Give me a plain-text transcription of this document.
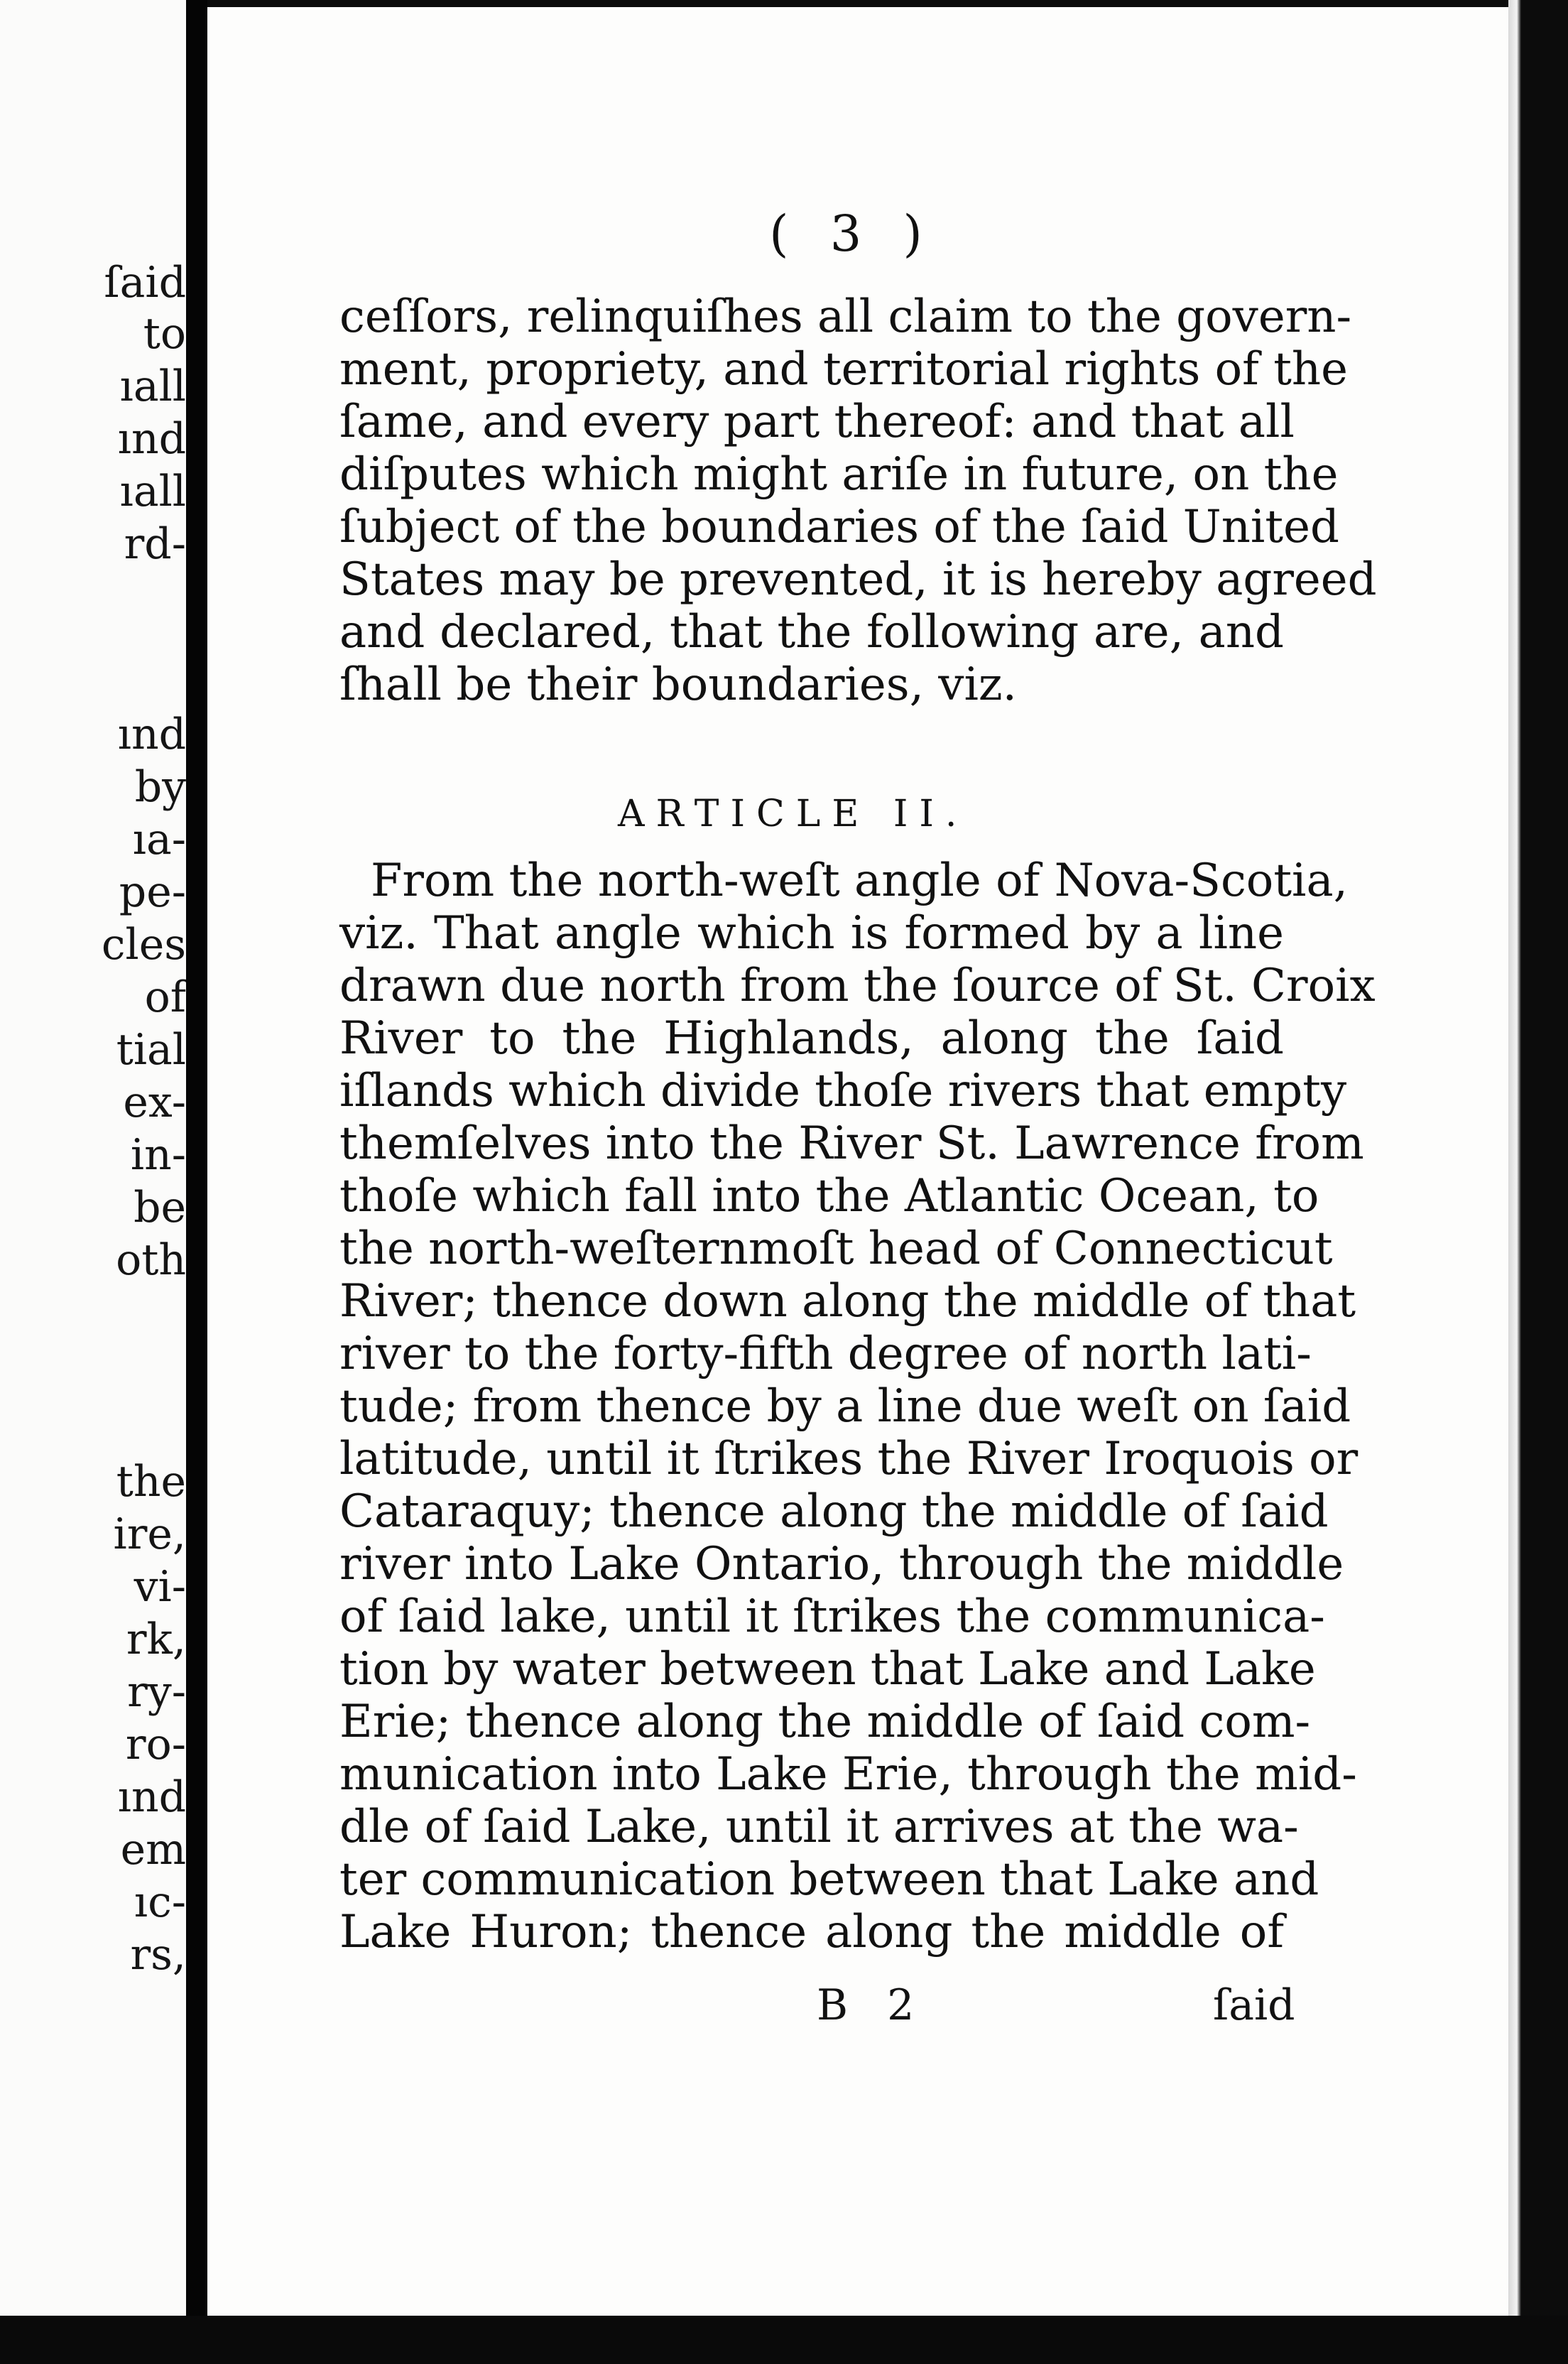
ſaid
to
ıall
ınd
ıall
rd-
ınd
by
ıa-
pe-
cles
of
tial
ex-
in-
be
oth
the
ire,
vi-
rk,
ry-
ro-
ınd
em
ıc-
rs,
( 3 )
ceſſors, relinquiſhes all claim to the govern-
ment, propriety, and territorial rights of the
ſame, and every part thereof: and that all
diſputes which might ariſe in future, on the
ſubject of the boundaries of the ſaid United
States may be prevented, it is hereby agreed
and declared, that the following are, and
ſhall be their boundaries, viz.
ARTICLE II.
From the north-weſt angle of Nova-Scotia,
viz. That angle which is formed by a line
drawn due north from the ſource of St. Croix
River to the Highlands, along the ſaid
iſlands which divide thoſe rivers that empty
themſelves into the River St. Lawrence from
thoſe which fall into the Atlantic Ocean, to
the north-weſternmoſt head of Connecticut
River; thence down along the middle of that
river to the forty-fifth degree of north lati-
tude; from thence by a line due weſt on ſaid
latitude, until it ſtrikes the River Iroquois or
Cataraquy; thence along the middle of ſaid
river into Lake Ontario, through the middle
of ſaid lake, until it ſtrikes the communica-
tion by water between that Lake and Lake
Erie; thence along the middle of ſaid com-
munication into Lake Erie, through the mid-
dle of ſaid Lake, until it arrives at the wa-
ter communication between that Lake and
Lake Huron; thence along the middle of
B 2	ſaid
